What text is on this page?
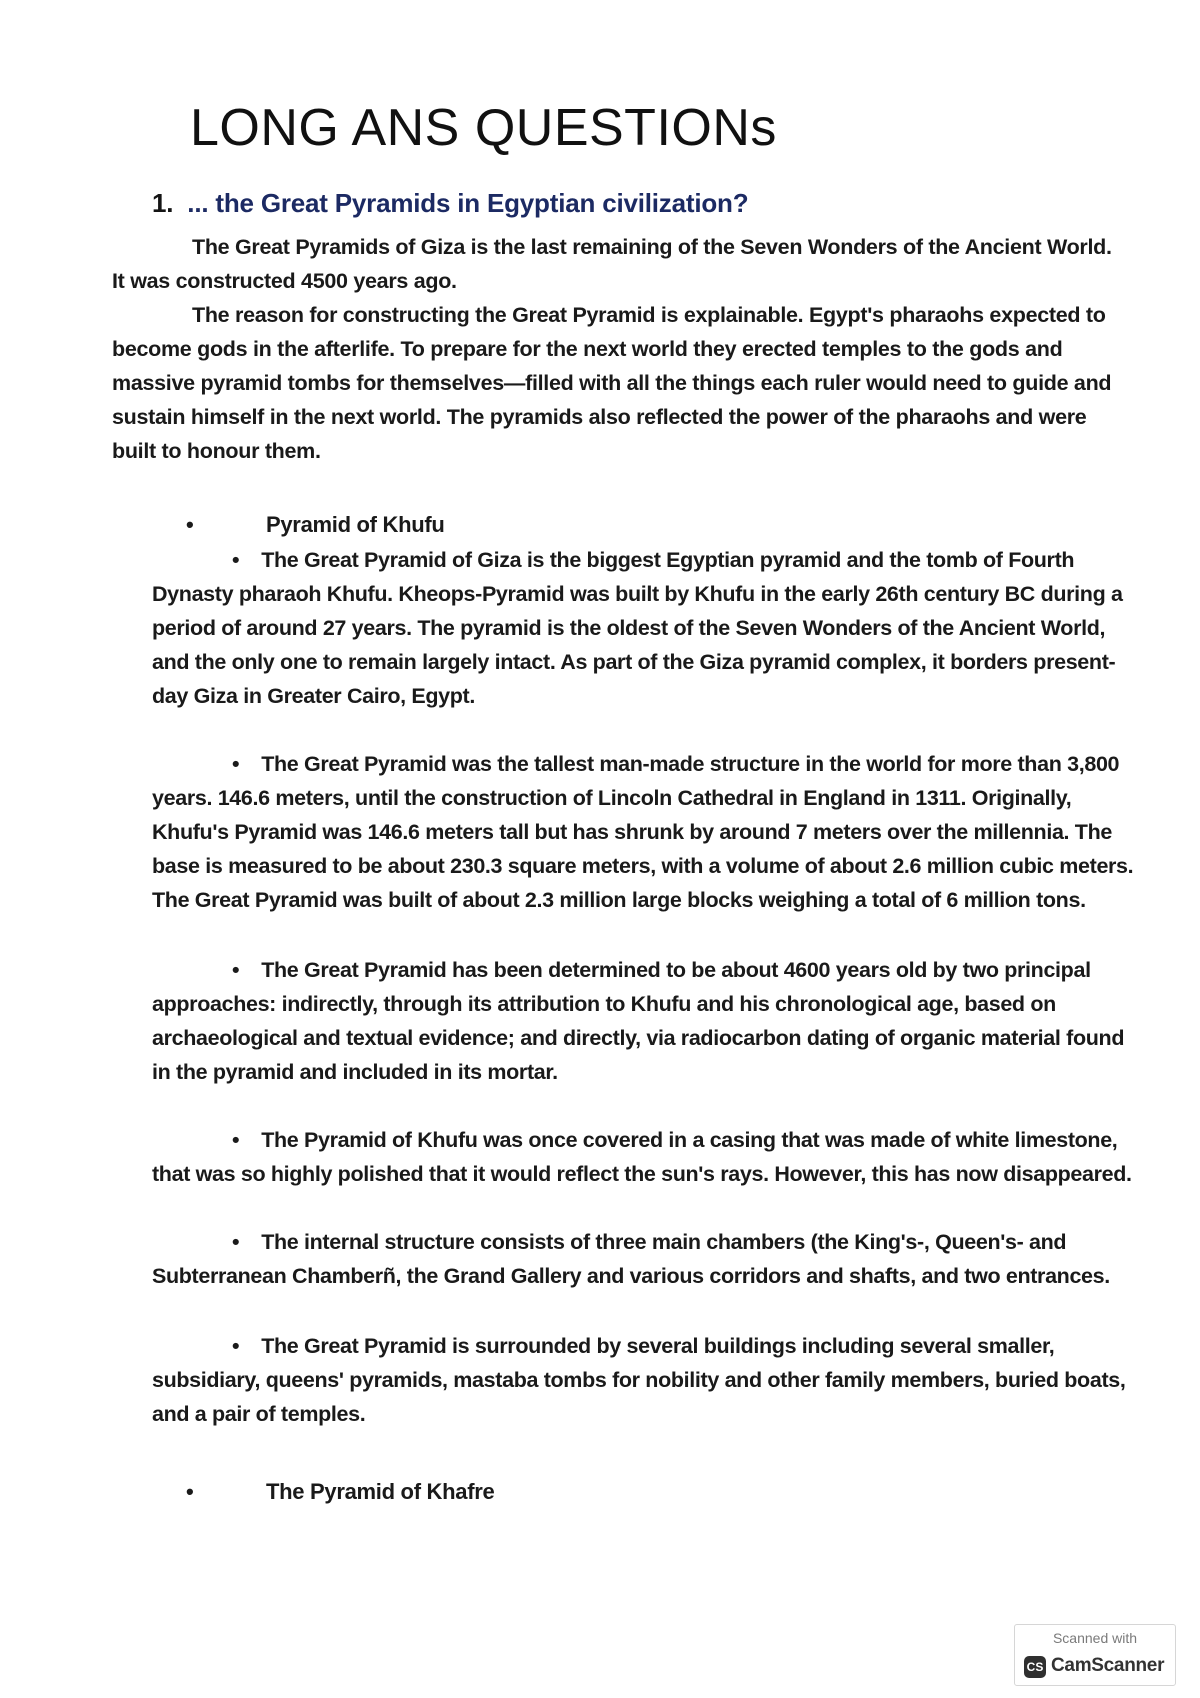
LONG ANS QUESTIONs
1. ... the Great Pyramids in Egyptian civilization?

The Great Pyramids of Giza is the last remaining of the Seven Wonders of the Ancient World. It was constructed 4500 years ago.

The reason for constructing the Great Pyramid is explainable. Egypt's pharaohs expected to become gods in the afterlife. To prepare for the next world they erected temples to the gods and massive pyramid tombs for themselves—filled with all the things each ruler would need to guide and sustain himself in the next world. The pyramids also reflected the power of the pharaohs and were built to honour them.

•	Pyramid of Khufu

• The Great Pyramid of Giza is the biggest Egyptian pyramid and the tomb of Fourth Dynasty pharaoh Khufu. Kheops-Pyramid was built by Khufu in the early 26th century BC during a period of around 27 years. The pyramid is the oldest of the Seven Wonders of the Ancient World, and the only one to remain largely intact. As part of the Giza pyramid complex, it borders present-day Giza in Greater Cairo, Egypt.

• The Great Pyramid was the tallest man-made structure in the world for more than 3,800 years. 146.6 meters, until the construction of Lincoln Cathedral in England in 1311. Originally, Khufu's Pyramid was 146.6 meters tall but has shrunk by around 7 meters over the millennia. The base is measured to be about 230.3 square meters, with a volume of about 2.6 million cubic meters. The Great Pyramid was built of about 2.3 million large blocks weighing a total of 6 million tons.

• The Great Pyramid has been determined to be about 4600 years old by two principal approaches: indirectly, through its attribution to Khufu and his chronological age, based on archaeological and textual evidence; and directly, via radiocarbon dating of organic material found in the pyramid and included in its mortar.

• The Pyramid of Khufu was once covered in a casing that was made of white limestone, that was so highly polished that it would reflect the sun's rays. However, this has now disappeared.

• The internal structure consists of three main chambers (the King's-, Queen's- and Subterranean Chamberñ, the Grand Gallery and various corridors and shafts, and two entrances.

• The Great Pyramid is surrounded by several buildings including several smaller, subsidiary, queens' pyramids, mastaba tombs for nobility and other family members, buried boats, and a pair of temples.

•	The Pyramid of Khafre
Scanned with
CS CamScanner
